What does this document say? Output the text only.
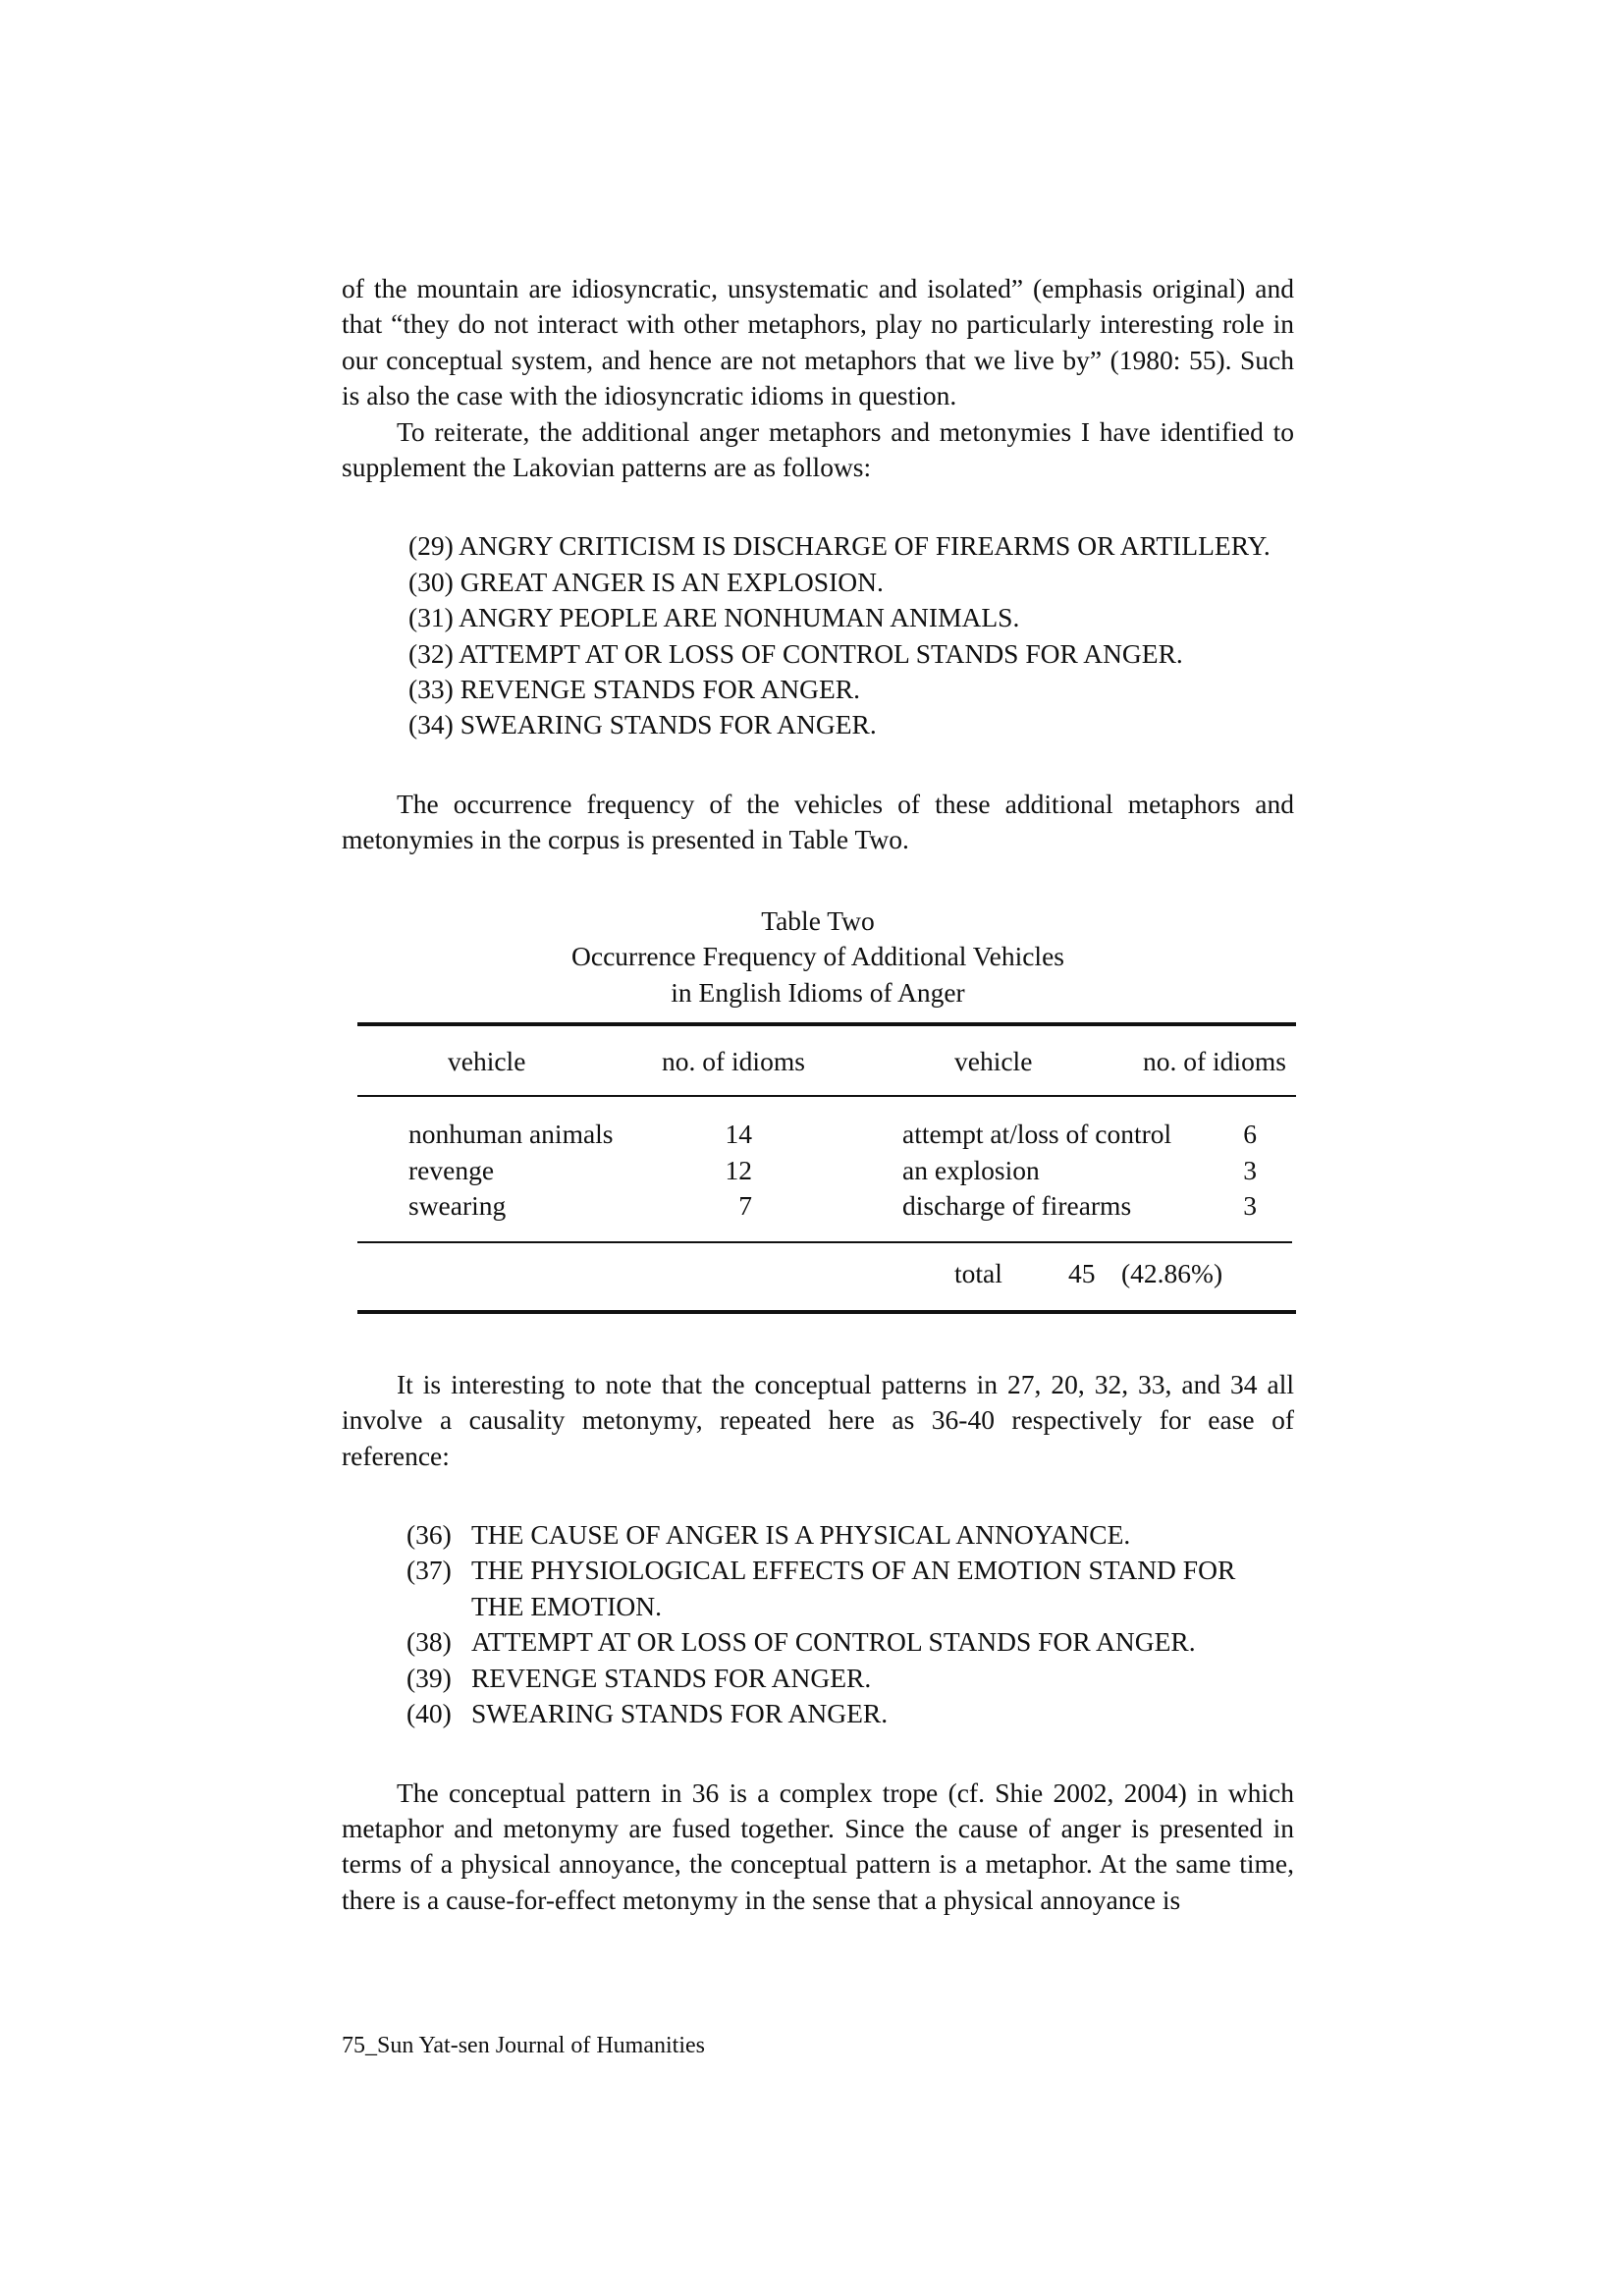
of the mountain are idiosyncratic, unsystematic and isolated” (emphasis original) and that “they do not interact with other metaphors, play no particularly interesting role in our conceptual system, and hence are not metaphors that we live by” (1980: 55). Such is also the case with the idiosyncratic idioms in question.

To reiterate, the additional anger metaphors and metonymies I have identified to supplement the Lakovian patterns are as follows:

(29) ANGRY CRITICISM IS DISCHARGE OF FIREARMS OR ARTILLERY.
(30) GREAT ANGER IS AN EXPLOSION.
(31) ANGRY PEOPLE ARE NONHUMAN ANIMALS.
(32) ATTEMPT AT OR LOSS OF CONTROL STANDS FOR ANGER.
(33) REVENGE STANDS FOR ANGER.
(34) SWEARING STANDS FOR ANGER.

The occurrence frequency of the vehicles of these additional metaphors and metonymies in the corpus is presented in Table Two.

Table Two

Occurrence Frequency of Additional Vehicles

in English Idioms of Anger

vehicle	no. of idioms	vehicle	no. of idioms
nonhuman animals	14	attempt at/loss of control	6
revenge	12	an explosion	3
swearing	7	discharge of firearms	3
total 45 (42.86%)

It is interesting to note that the conceptual patterns in 27, 20, 32, 33, and 34 all involve a causality metonymy, repeated here as 36-40 respectively for ease of reference:

(36) THE CAUSE OF ANGER IS A PHYSICAL ANNOYANCE.
(37) THE PHYSIOLOGICAL EFFECTS OF AN EMOTION STAND FOR THE EMOTION.
(38) ATTEMPT AT OR LOSS OF CONTROL STANDS FOR ANGER.
(39) REVENGE STANDS FOR ANGER.
(40) SWEARING STANDS FOR ANGER.

The conceptual pattern in 36 is a complex trope (cf. Shie 2002, 2004) in which metaphor and metonymy are fused together. Since the cause of anger is presented in terms of a physical annoyance, the conceptual pattern is a metaphor. At the same time, there is a cause-for-effect metonymy in the sense that a physical annoyance is

75_Sun Yat-sen Journal of Humanities
